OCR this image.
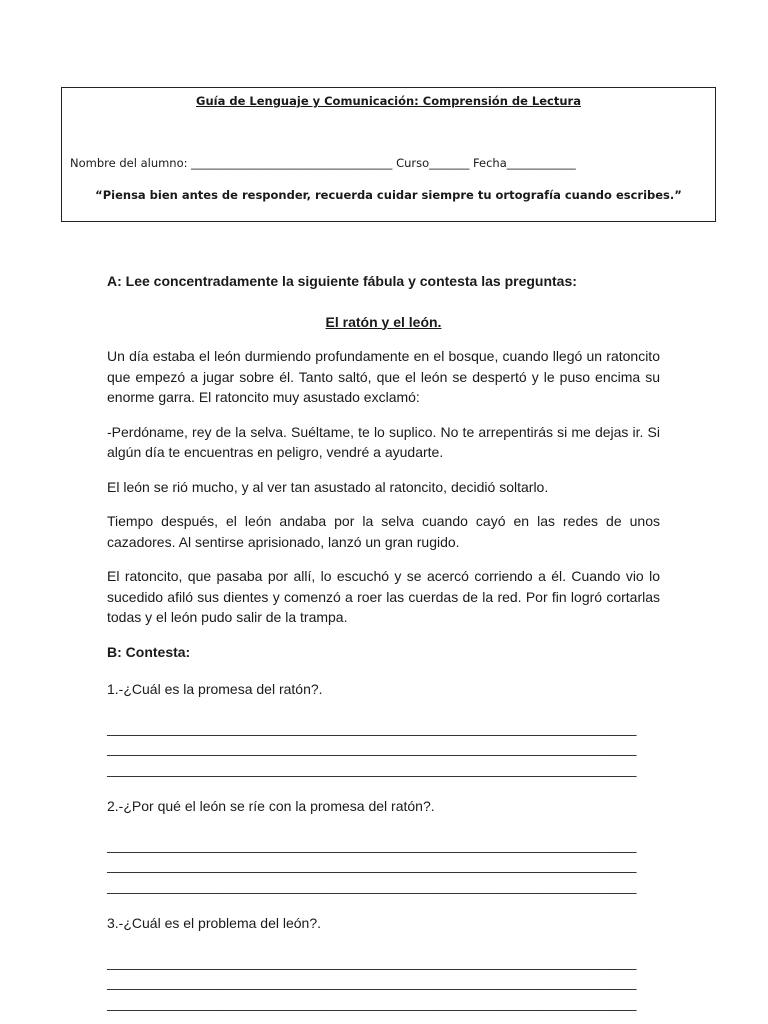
Guía de Lenguaje y Comunicación: Comprensión de Lectura
Nombre del alumno: ___________________________________ Curso_______ Fecha____________
“Piensa bien antes de responder, recuerda cuidar siempre tu ortografía cuando escribes.”

A: Lee concentradamente la siguiente fábula y contesta las preguntas:

El ratón y el león.

Un día estaba el león durmiendo profundamente en el bosque, cuando llegó un ratoncito que empezó a jugar sobre él. Tanto saltó, que el león se despertó y le puso encima su enorme garra. El ratoncito muy asustado exclamó:

-Perdóname, rey de la selva. Suéltame, te lo suplico. No te arrepentirás si me dejas ir. Si algún día te encuentras en peligro, vendré a ayudarte.

El león se rió mucho, y al ver tan asustado al ratoncito, decidió soltarlo.

Tiempo después, el león andaba por la selva cuando cayó en las redes de unos cazadores. Al sentirse aprisionado, lanzó un gran rugido.

El ratoncito, que pasaba por allí, lo escuchó y se acercó corriendo a él. Cuando vio lo sucedido afiló sus dientes y comenzó a roer las cuerdas de la red. Por fin logró cortarlas todas y el león pudo salir de la trampa.

B: Contesta:

1.-¿Cuál es la promesa del ratón?.

____________________________________________________________________
____________________________________________________________________
____________________________________________________________________

2.-¿Por qué el león se ríe con la promesa del ratón?.

____________________________________________________________________
____________________________________________________________________
____________________________________________________________________

3.-¿Cuál es el problema del león?.

____________________________________________________________________
____________________________________________________________________
____________________________________________________________________
